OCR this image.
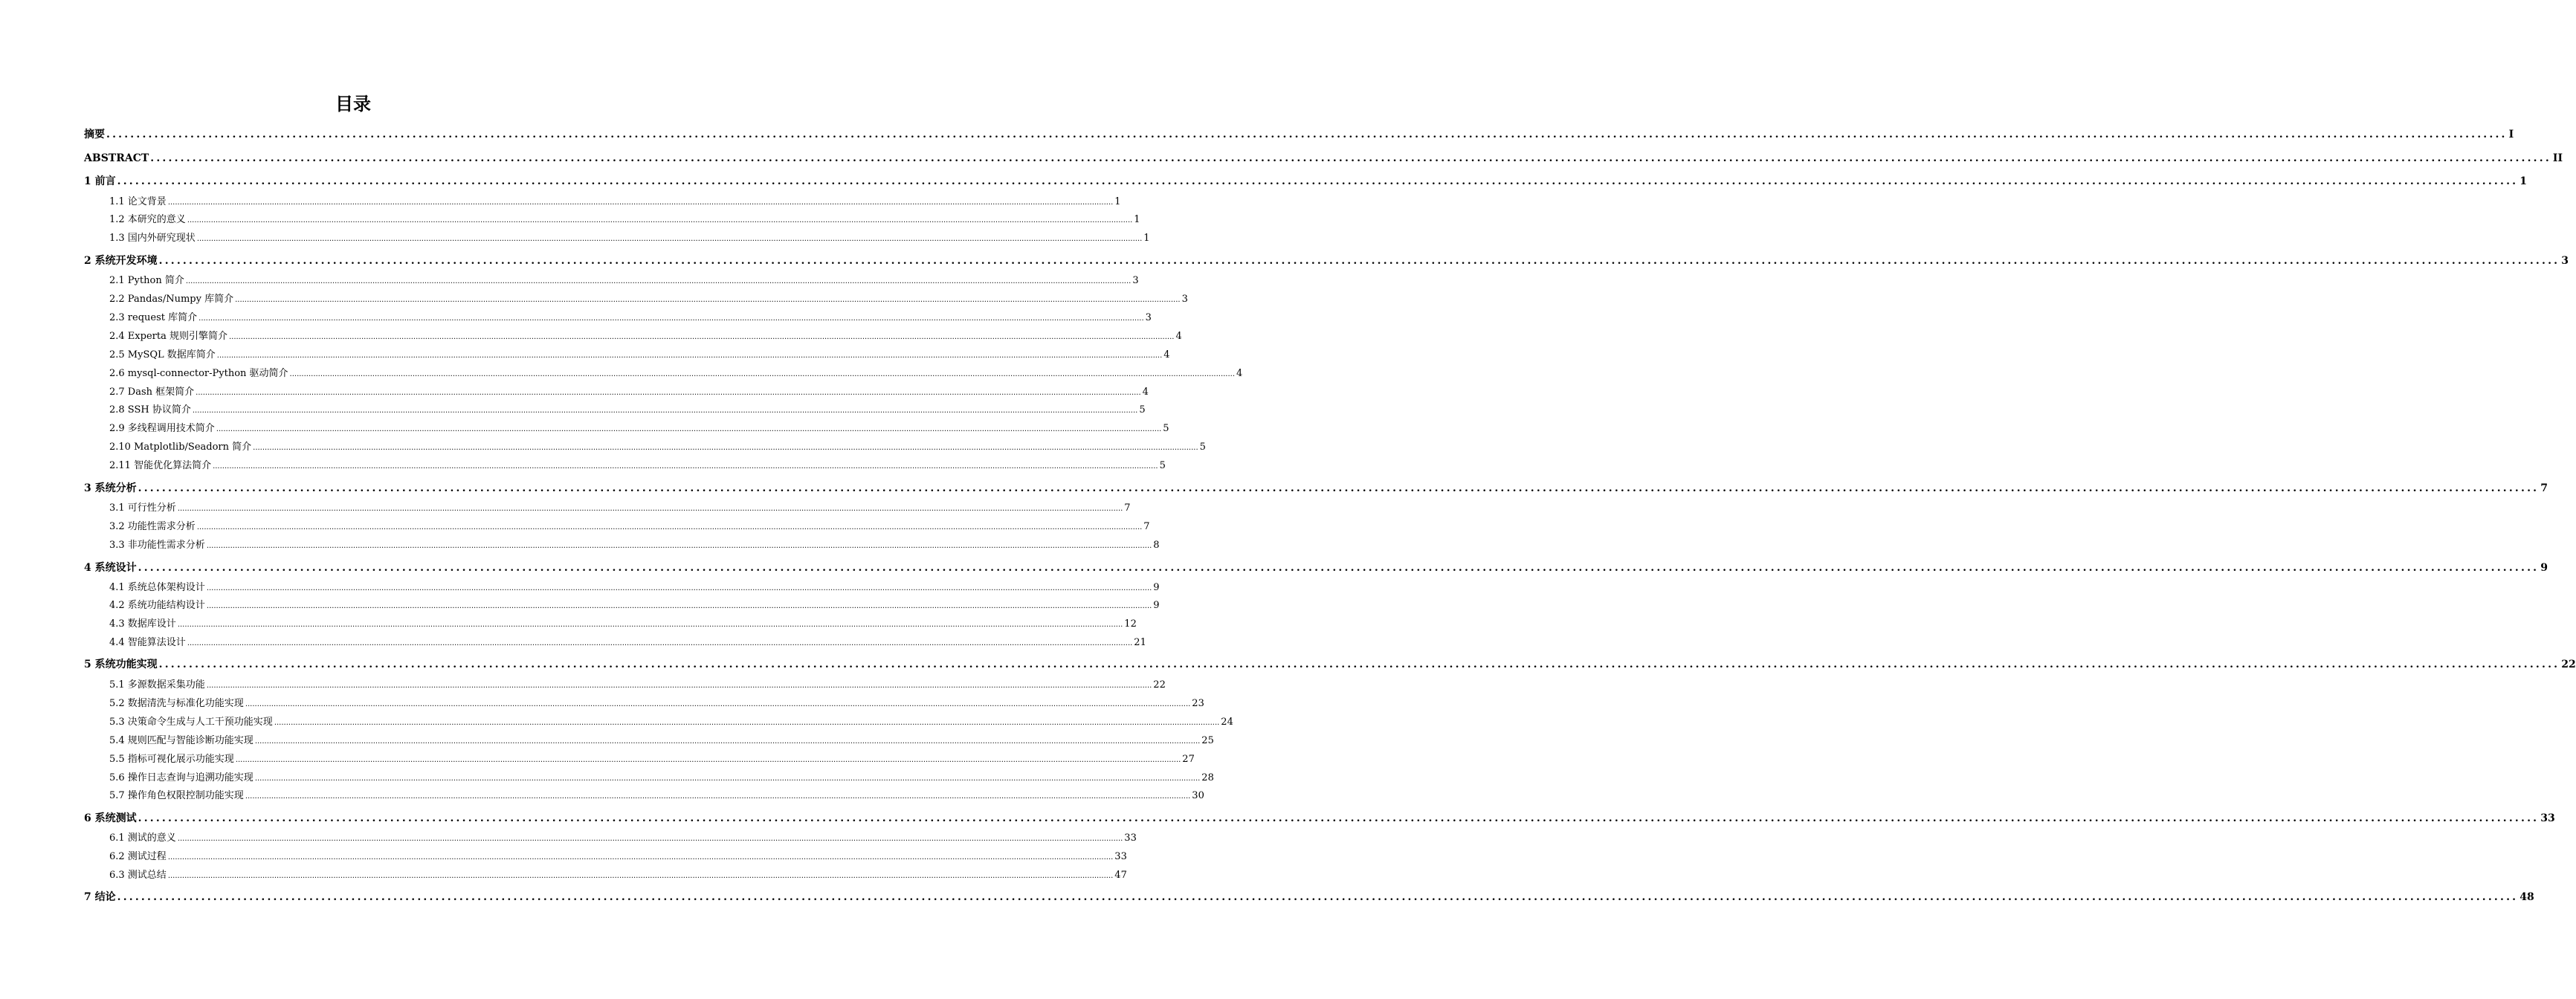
目录
摘要 ................................................................................................................................................................................................................................................................................................................................................................................................................ I
ABSTRACT ................................................................................................................................................................................................................................................................................................................................................................................................................ II
1 前言 ................................................................................................................................................................................................................................................................................................................................................................................................................ 1
1.1 论文背景 ................................................................................................................................................................................................................................................................................................................................................................................................................ 1
1.2 本研究的意义 ................................................................................................................................................................................................................................................................................................................................................................................................................ 1
1.3 国内外研究现状 ................................................................................................................................................................................................................................................................................................................................................................................................................ 1
2 系统开发环境 ................................................................................................................................................................................................................................................................................................................................................................................................................ 3
2.1 Python 简介 ................................................................................................................................................................................................................................................................................................................................................................................................................ 3
2.2 Pandas/Numpy 库简介 ................................................................................................................................................................................................................................................................................................................................................................................................................ 3
2.3 request 库简介 ................................................................................................................................................................................................................................................................................................................................................................................................................ 3
2.4 Experta 规则引擎简介 ................................................................................................................................................................................................................................................................................................................................................................................................................ 4
2.5 MySQL 数据库简介 ................................................................................................................................................................................................................................................................................................................................................................................................................ 4
2.6 mysql-connector-Python 驱动简介 ................................................................................................................................................................................................................................................................................................................................................................................................................ 4
2.7 Dash 框架简介 ................................................................................................................................................................................................................................................................................................................................................................................................................ 4
2.8 SSH 协议简介 ................................................................................................................................................................................................................................................................................................................................................................................................................ 5
2.9 多线程调用技术简介 ................................................................................................................................................................................................................................................................................................................................................................................................................ 5
2.10 Matplotlib/Seadorn 简介 ................................................................................................................................................................................................................................................................................................................................................................................................................ 5
2.11 智能优化算法简介 ................................................................................................................................................................................................................................................................................................................................................................................................................ 5
3 系统分析 ................................................................................................................................................................................................................................................................................................................................................................................................................ 7
3.1 可行性分析 ................................................................................................................................................................................................................................................................................................................................................................................................................ 7
3.2 功能性需求分析 ................................................................................................................................................................................................................................................................................................................................................................................................................ 7
3.3 非功能性需求分析 ................................................................................................................................................................................................................................................................................................................................................................................................................ 8
4 系统设计 ................................................................................................................................................................................................................................................................................................................................................................................................................ 9
4.1 系统总体架构设计 ................................................................................................................................................................................................................................................................................................................................................................................................................ 9
4.2 系统功能结构设计 ................................................................................................................................................................................................................................................................................................................................................................................................................ 9
4.3 数据库设计 ................................................................................................................................................................................................................................................................................................................................................................................................................ 12
4.4 智能算法设计 ................................................................................................................................................................................................................................................................................................................................................................................................................ 21
5 系统功能实现 ................................................................................................................................................................................................................................................................................................................................................................................................................ 22
5.1 多源数据采集功能 ................................................................................................................................................................................................................................................................................................................................................................................................................ 22
5.2 数据清洗与标准化功能实现 ................................................................................................................................................................................................................................................................................................................................................................................................................ 23
5.3 决策命令生成与人工干预功能实现 ................................................................................................................................................................................................................................................................................................................................................................................................................ 24
5.4 规则匹配与智能诊断功能实现 ................................................................................................................................................................................................................................................................................................................................................................................................................ 25
5.5 指标可视化展示功能实现 ................................................................................................................................................................................................................................................................................................................................................................................................................ 27
5.6 操作日志查询与追溯功能实现 ................................................................................................................................................................................................................................................................................................................................................................................................................ 28
5.7 操作角色权限控制功能实现 ................................................................................................................................................................................................................................................................................................................................................................................................................ 30
6 系统测试 ................................................................................................................................................................................................................................................................................................................................................................................................................ 33
6.1 测试的意义 ................................................................................................................................................................................................................................................................................................................................................................................................................ 33
6.2 测试过程 ................................................................................................................................................................................................................................................................................................................................................................................................................ 33
6.3 测试总结 ................................................................................................................................................................................................................................................................................................................................................................................................................ 47
7 结论 ................................................................................................................................................................................................................................................................................................................................................................................................................ 48
